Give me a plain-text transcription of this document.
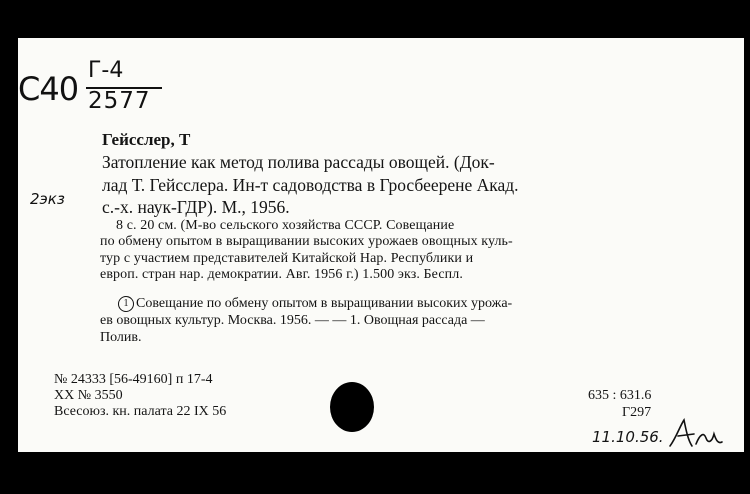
С40 Г-4
2577
2экз
Гейсслер, Т
Затопление как метод полива рассады овощей. (Док-
лад Т. Гейсслера. Ин-т садоводства в Гросбеерене Акад.
с.-х. наук-ГДР). М., 1956.
8 с. 20 см. (М-во сельского хозяйства СССР. Совещание
по обмену опытом в выращивании высоких урожаев овощных куль-
тур с участием представителей Китайской Нар. Республики и
европ. стран нар. демократии. Авг. 1956 г.) 1.500 экз. Беспл.
1 Совещание по обмену опытом в выращивании высоких урожа-
ев овощных культур. Москва. 1956. — — 1. Овощная рассада —
Полив.
№ 24333 [56-49160] п 17-4
XX № 3550
Всесоюз. кн. палата 22 IX 56
635 : 631.6
Г297
11.10.56.
